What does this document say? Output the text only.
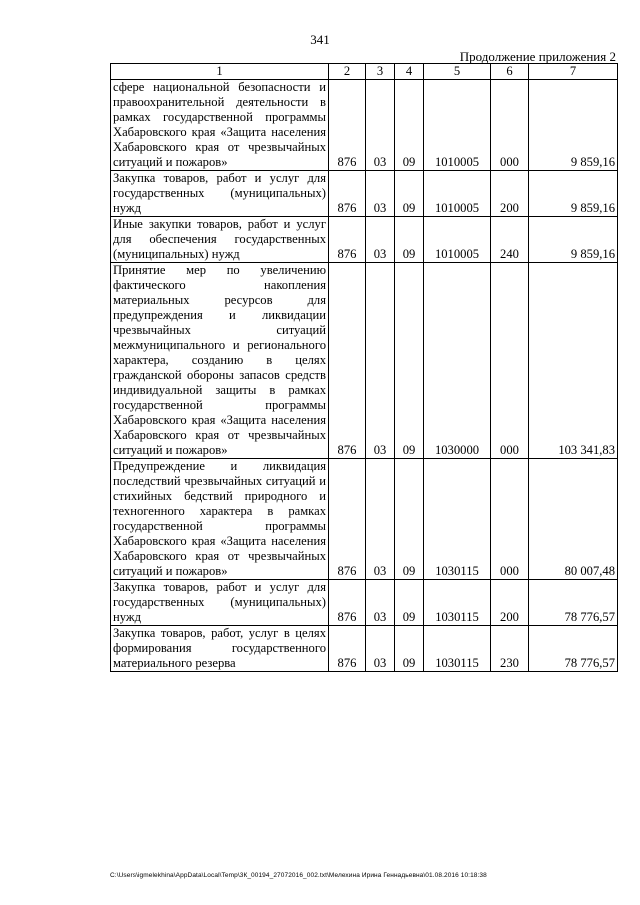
341
Продолжение приложения 2
1	2	3	4	5	6	7
сфере национальной безопасности и правоохранительной деятельности в рамках государственной программы Хабаровского края «Защита населения Хабаровского края от чрезвычайных ситуаций и пожаров»	876	03	09	1010005	000	9 859,16
Закупка товаров, работ и услуг для государственных (муниципальных) нужд	876	03	09	1010005	200	9 859,16
Иные закупки товаров, работ и услуг для обеспечения государственных (муниципальных) нужд	876	03	09	1010005	240	9 859,16
Принятие мер по увеличению фактического накопления материальных ресурсов для предупреждения и ликвидации чрезвычайных ситуаций межмуниципального и регионального характера, созданию в целях гражданской обороны запасов средств индивидуальной защиты в рамках государственной программы Хабаровского края «Защита населения Хабаровского края от чрезвычайных ситуаций и пожаров»	876	03	09	1030000	000	103 341,83
Предупреждение и ликвидация последствий чрезвычайных ситуаций и стихийных бедствий природного и техногенного характера в рамках государственной программы Хабаровского края «Защита населения Хабаровского края от чрезвычайных ситуаций и пожаров»	876	03	09	1030115	000	80 007,48
Закупка товаров, работ и услуг для государственных (муниципальных) нужд	876	03	09	1030115	200	78 776,57
Закупка товаров, работ, услуг в целях формирования государственного материального резерва	876	03	09	1030115	230	78 776,57
C:\Users\igmelekhina\AppData\Local\Temp\3К_00194_27072016_002.txt\Мелехина Ирина Геннадьевна\01.08.2016 10:18:38
